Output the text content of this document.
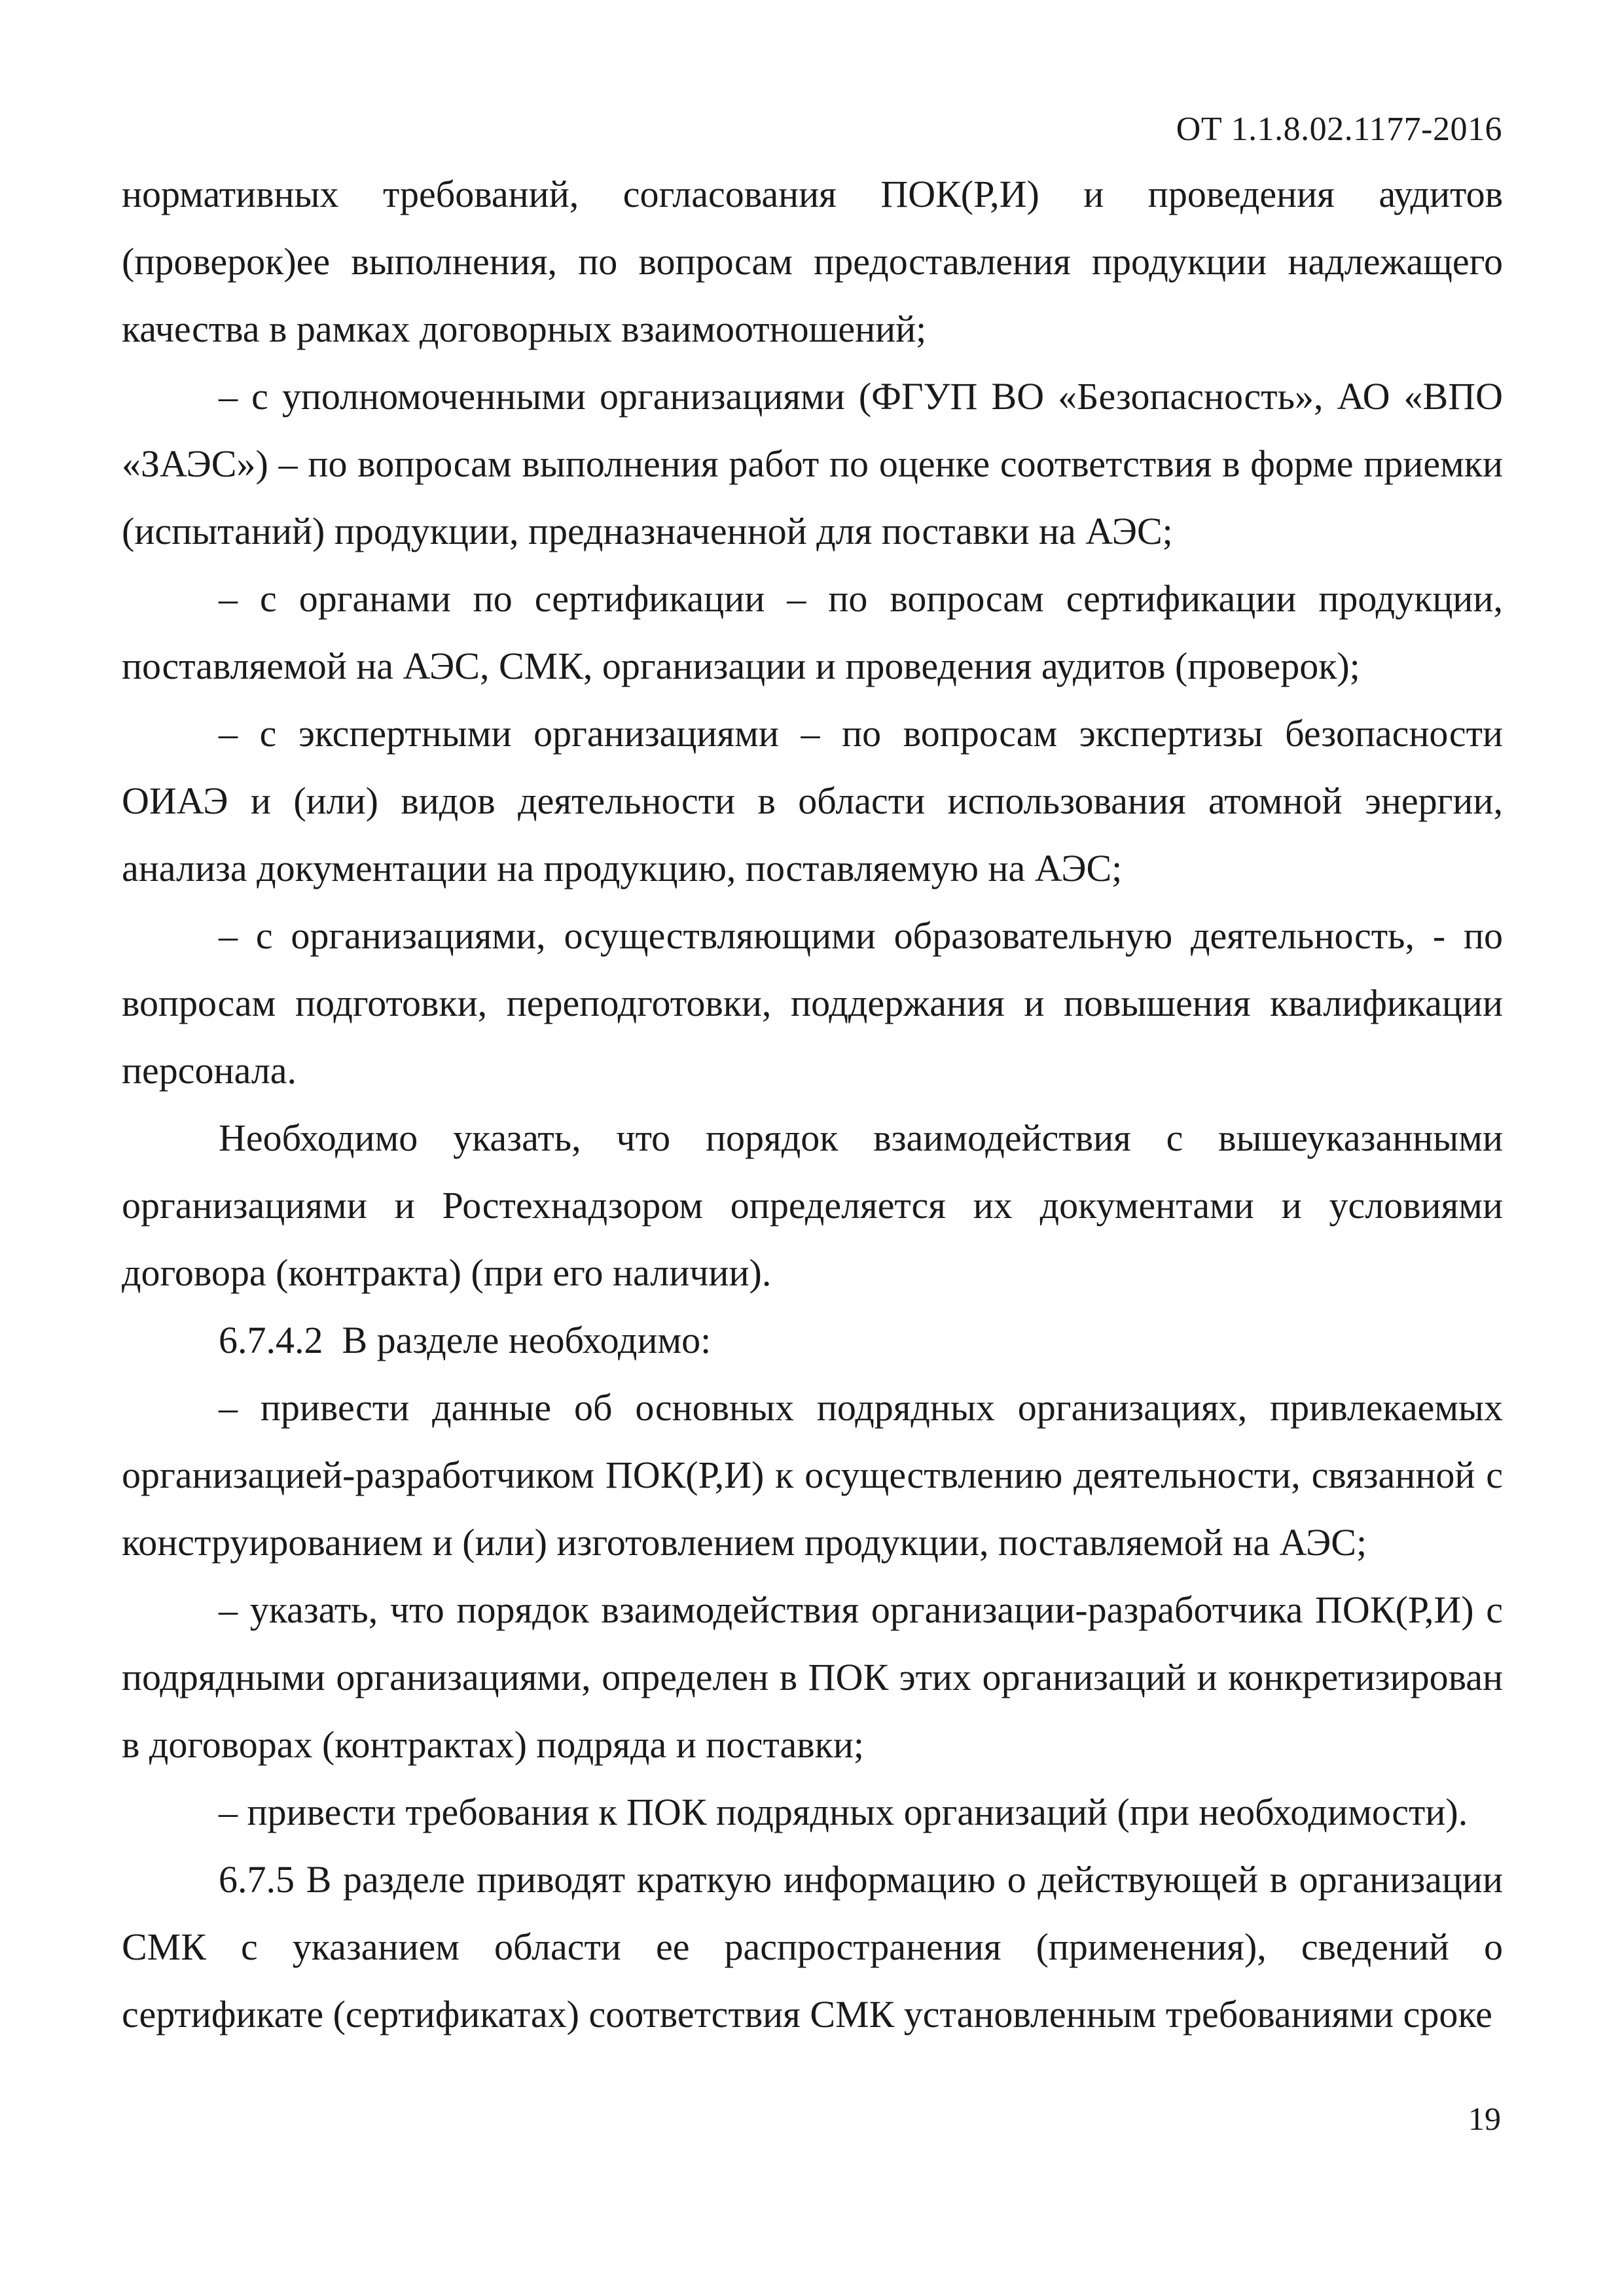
ОТ 1.1.8.02.1177-2016

нормативных требований, согласования ПОК(Р,И) и проведения аудитов (проверок)ее выполнения, по вопросам предоставления продукции надлежащего качества в рамках договорных взаимоотношений;

– с уполномоченными организациями (ФГУП ВО «Безопасность», АО «ВПО «ЗАЭС») – по вопросам выполнения работ по оценке соответствия в форме приемки (испытаний) продукции, предназначенной для поставки на АЭС;

– с органами по сертификации – по вопросам сертификации продукции, поставляемой на АЭС, СМК, организации и проведения аудитов (проверок);

– с экспертными организациями – по вопросам экспертизы безопасности ОИАЭ и (или) видов деятельности в области использования атомной энергии, анализа документации на продукцию, поставляемую на АЭС;

– с организациями, осуществляющими образовательную деятельность, - по вопросам подготовки, переподготовки, поддержания и повышения квалификации персонала.

Необходимо указать, что порядок взаимодействия с вышеуказанными организациями и Ростехнадзором определяется их документами и условиями договора (контракта) (при его наличии).

6.7.4.2  В разделе необходимо:

– привести данные об основных подрядных организациях, привлекаемых организацией-разработчиком ПОК(Р,И) к осуществлению деятельности, связанной с конструированием и (или) изготовлением продукции, поставляемой на АЭС;

– указать, что порядок взаимодействия организации-разработчика ПОК(Р,И) с подрядными организациями, определен в ПОК этих организаций и конкретизирован в договорах (контрактах) подряда и поставки;

– привести требования к ПОК подрядных организаций (при необходимости).

6.7.5 В разделе приводят краткую информацию о действующей в организации СМК с указанием области ее распространения (применения), сведений о сертификате (сертификатах) соответствия СМК установленным требованиями сроке

19
